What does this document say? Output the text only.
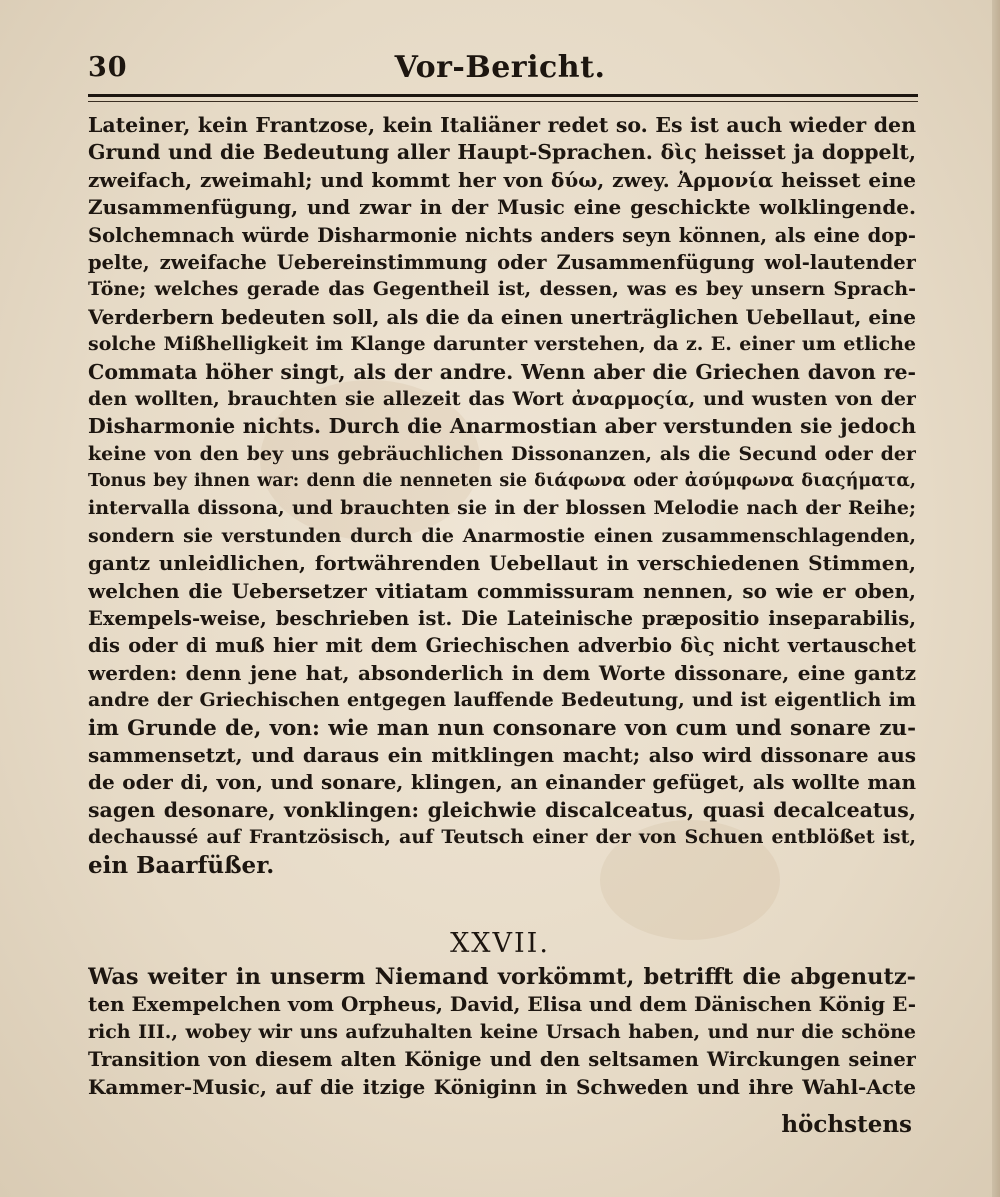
30	Vor-Bericht.
Lateiner, kein Frantzose, kein Italiäner redet so. Es ist auch wieder den
Grund und die Bedeutung aller Haupt-Sprachen. δὶς heisset ja doppelt,
zweifach, zweimahl; und kommt her von δύω, zwey. Ἁρμονία heisset eine
Zusammenfügung, und zwar in der Music eine geschickte wolklingende.
Solchemnach würde Disharmonie nichts anders seyn können, als eine dop-
pelte, zweifache Uebereinstimmung oder Zusammenfügung wol-lautender
Töne; welches gerade das Gegentheil ist, dessen, was es bey unsern Sprach-
Verderbern bedeuten soll, als die da einen unerträglichen Uebellaut, eine
solche Mißhelligkeit im Klange darunter verstehen, da z. E. einer um etliche
Commata höher singt, als der andre. Wenn aber die Griechen davon re-
den wollten, brauchten sie allezeit das Wort ἀναρμοςία, und wusten von der
Disharmonie nichts. Durch die Anarmostian aber verstunden sie jedoch
keine von den bey uns gebräuchlichen Dissonanzen, als die Secund oder der
Tonus bey ihnen war: denn die nenneten sie διάφωνα oder ἀσύμφωνα διαςήματα,
intervalla dissona, und brauchten sie in der blossen Melodie nach der Reihe;
sondern sie verstunden durch die Anarmostie einen zusammenschlagenden,
gantz unleidlichen, fortwährenden Uebellaut in verschiedenen Stimmen,
welchen die Uebersetzer vitiatam commissuram nennen, so wie er oben,
Exempels-weise, beschrieben ist. Die Lateinische præpositio inseparabilis,
dis oder di muß hier mit dem Griechischen adverbio δὶς nicht vertauschet
werden: denn jene hat, absonderlich in dem Worte dissonare, eine gantz
andre der Griechischen entgegen lauffende Bedeutung, und ist eigentlich im
im Grunde de, von: wie man nun consonare von cum und sonare zu-
sammensetzt, und daraus ein mitklingen macht; also wird dissonare aus
de oder di, von, und sonare, klingen, an einander gefüget, als wollte man
sagen desonare, vonklingen: gleichwie discalceatus, quasi decalceatus,
dechaussé auf Frantzösisch, auf Teutsch einer der von Schuen entblößet ist,
ein Baarfüßer.
XXVII.
Was weiter in unserm Niemand vorkömmt, betrifft die abgenutz-
ten Exempelchen vom Orpheus, David, Elisa und dem Dänischen König E-
rich III., wobey wir uns aufzuhalten keine Ursach haben, und nur die schöne
Transition von diesem alten Könige und den seltsamen Wirckungen seiner
Kammer-Music, auf die itzige Königinn in Schweden und ihre Wahl-Acte
höchstens
